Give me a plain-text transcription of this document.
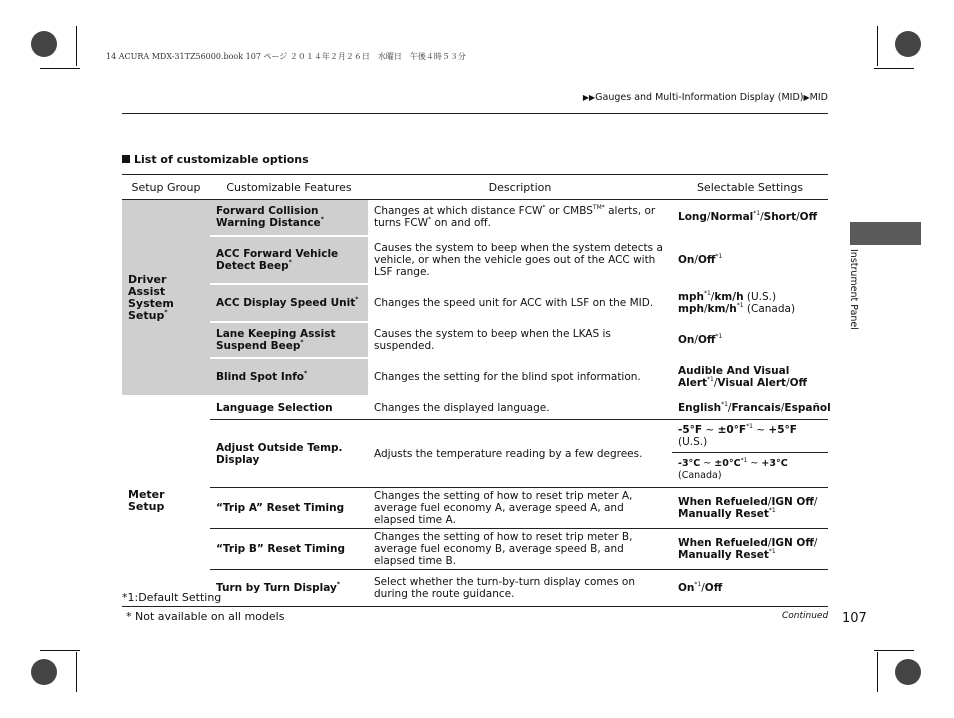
14 ACURA MDX-31TZ56000.book 107 ページ ２０１４年２月２６日　水曜日　午後４時５３分
▶▶Gauges and Multi-Information Display (MID)▶MID
List of customizable options
Setup Group	Customizable Features	Description	Selectable Settings
Driver Assist System Setup*	Forward Collision Warning Distance*	Changes at which distance FCW* or $CMBS^{TM*}$ alerts, or turns FCW* on and off.	Long/Normal$^{*1}$/Short/Off
	ACC Forward Vehicle Detect Beep*	Causes the system to beep when the system detects a vehicle, or when the vehicle goes out of the ACC with LSF range.	On/Off$^{*1}$
	ACC Display Speed Unit*	Changes the speed unit for ACC with LSF on the MID.	mph$^{*1}$/km/h (U.S.)
mph/$km/h^{*1}$ (Canada)
	Lane Keeping Assist Suspend Beep*	Causes the system to beep when the LKAS is suspended.	On/Off$^{*1}$
	Blind Spot Info*	Changes the setting for the blind spot information.	Audible And Visual Alert$^{*1}$/Visual Alert/Off
Meter Setup	Language Selection	Changes the displayed language.	English$^{*1}$/Francais/Español
	Adjust Outside Temp. Display	Adjusts the temperature reading by a few degrees.	-5°F ~ $\pm 0^\circ F^{*1}$ ~ +5°F (U.S.)
-3°C ~ $\pm 0^\circ C^{*1}$ ~ +3°C (Canada)

	“Trip A” Reset Timing	Changes the setting of how to reset trip meter A, average fuel economy A, average speed A, and elapsed time A.	When Refueled/IGN Off/
Manually Reset$^{*1}$
	“Trip B” Reset Timing	Changes the setting of how to reset trip meter B, average fuel economy B, average speed B, and elapsed time B.	When Refueled/IGN Off/
Manually Reset$^{*1}$
	Turn by Turn Display*	Select whether the turn-by-turn display comes on during the route guidance.	On$^{*1}$/Off
*1:Default Setting
* Not available on all models	Continued 107
Instrument Panel
